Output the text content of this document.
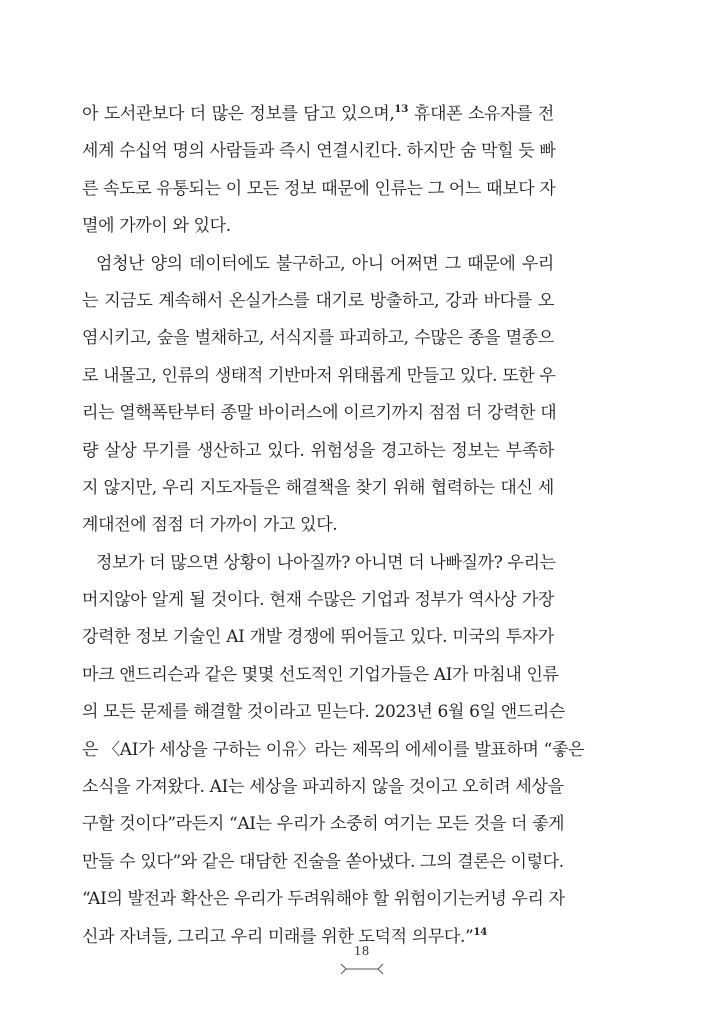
아 도서관보다 더 많은 정보를 담고 있으며,$^{13}$ 휴대폰 소유자를 전
세계 수십억 명의 사람들과 즉시 연결시킨다. 하지만 숨 막힐 듯 빠
른 속도로 유통되는 이 모든 정보 때문에 인류는 그 어느 때보다 자
멸에 가까이 와 있다.
엄청난 양의 데이터에도 불구하고, 아니 어쩌면 그 때문에 우리
는 지금도 계속해서 온실가스를 대기로 방출하고, 강과 바다를 오
염시키고, 숲을 벌채하고, 서식지를 파괴하고, 수많은 종을 멸종으
로 내몰고, 인류의 생태적 기반마저 위태롭게 만들고 있다. 또한 우
리는 열핵폭탄부터 종말 바이러스에 이르기까지 점점 더 강력한 대
량 살상 무기를 생산하고 있다. 위험성을 경고하는 정보는 부족하
지 않지만, 우리 지도자들은 해결책을 찾기 위해 협력하는 대신 세
계대전에 점점 더 가까이 가고 있다.
정보가 더 많으면 상황이 나아질까? 아니면 더 나빠질까? 우리는
머지않아 알게 될 것이다. 현재 수많은 기업과 정부가 역사상 가장
강력한 정보 기술인 AI 개발 경쟁에 뛰어들고 있다. 미국의 투자가
마크 앤드리슨과 같은 몇몇 선도적인 기업가들은 AI가 마침내 인류
의 모든 문제를 해결할 것이라고 믿는다. 2023년 6월 6일 앤드리슨
은 〈AI가 세상을 구하는 이유〉라는 제목의 에세이를 발표하며 “좋은
소식을 가져왔다. AI는 세상을 파괴하지 않을 것이고 오히려 세상을
구할 것이다”라든지 “AI는 우리가 소중히 여기는 모든 것을 더 좋게
만들 수 있다”와 같은 대담한 진술을 쏟아냈다. 그의 결론은 이렇다.
“AI의 발전과 확산은 우리가 두려워해야 할 위험이기는커녕 우리 자
신과 자녀들, 그리고 우리 미래를 위한 도덕적 의무다.”$^{14}$
18
